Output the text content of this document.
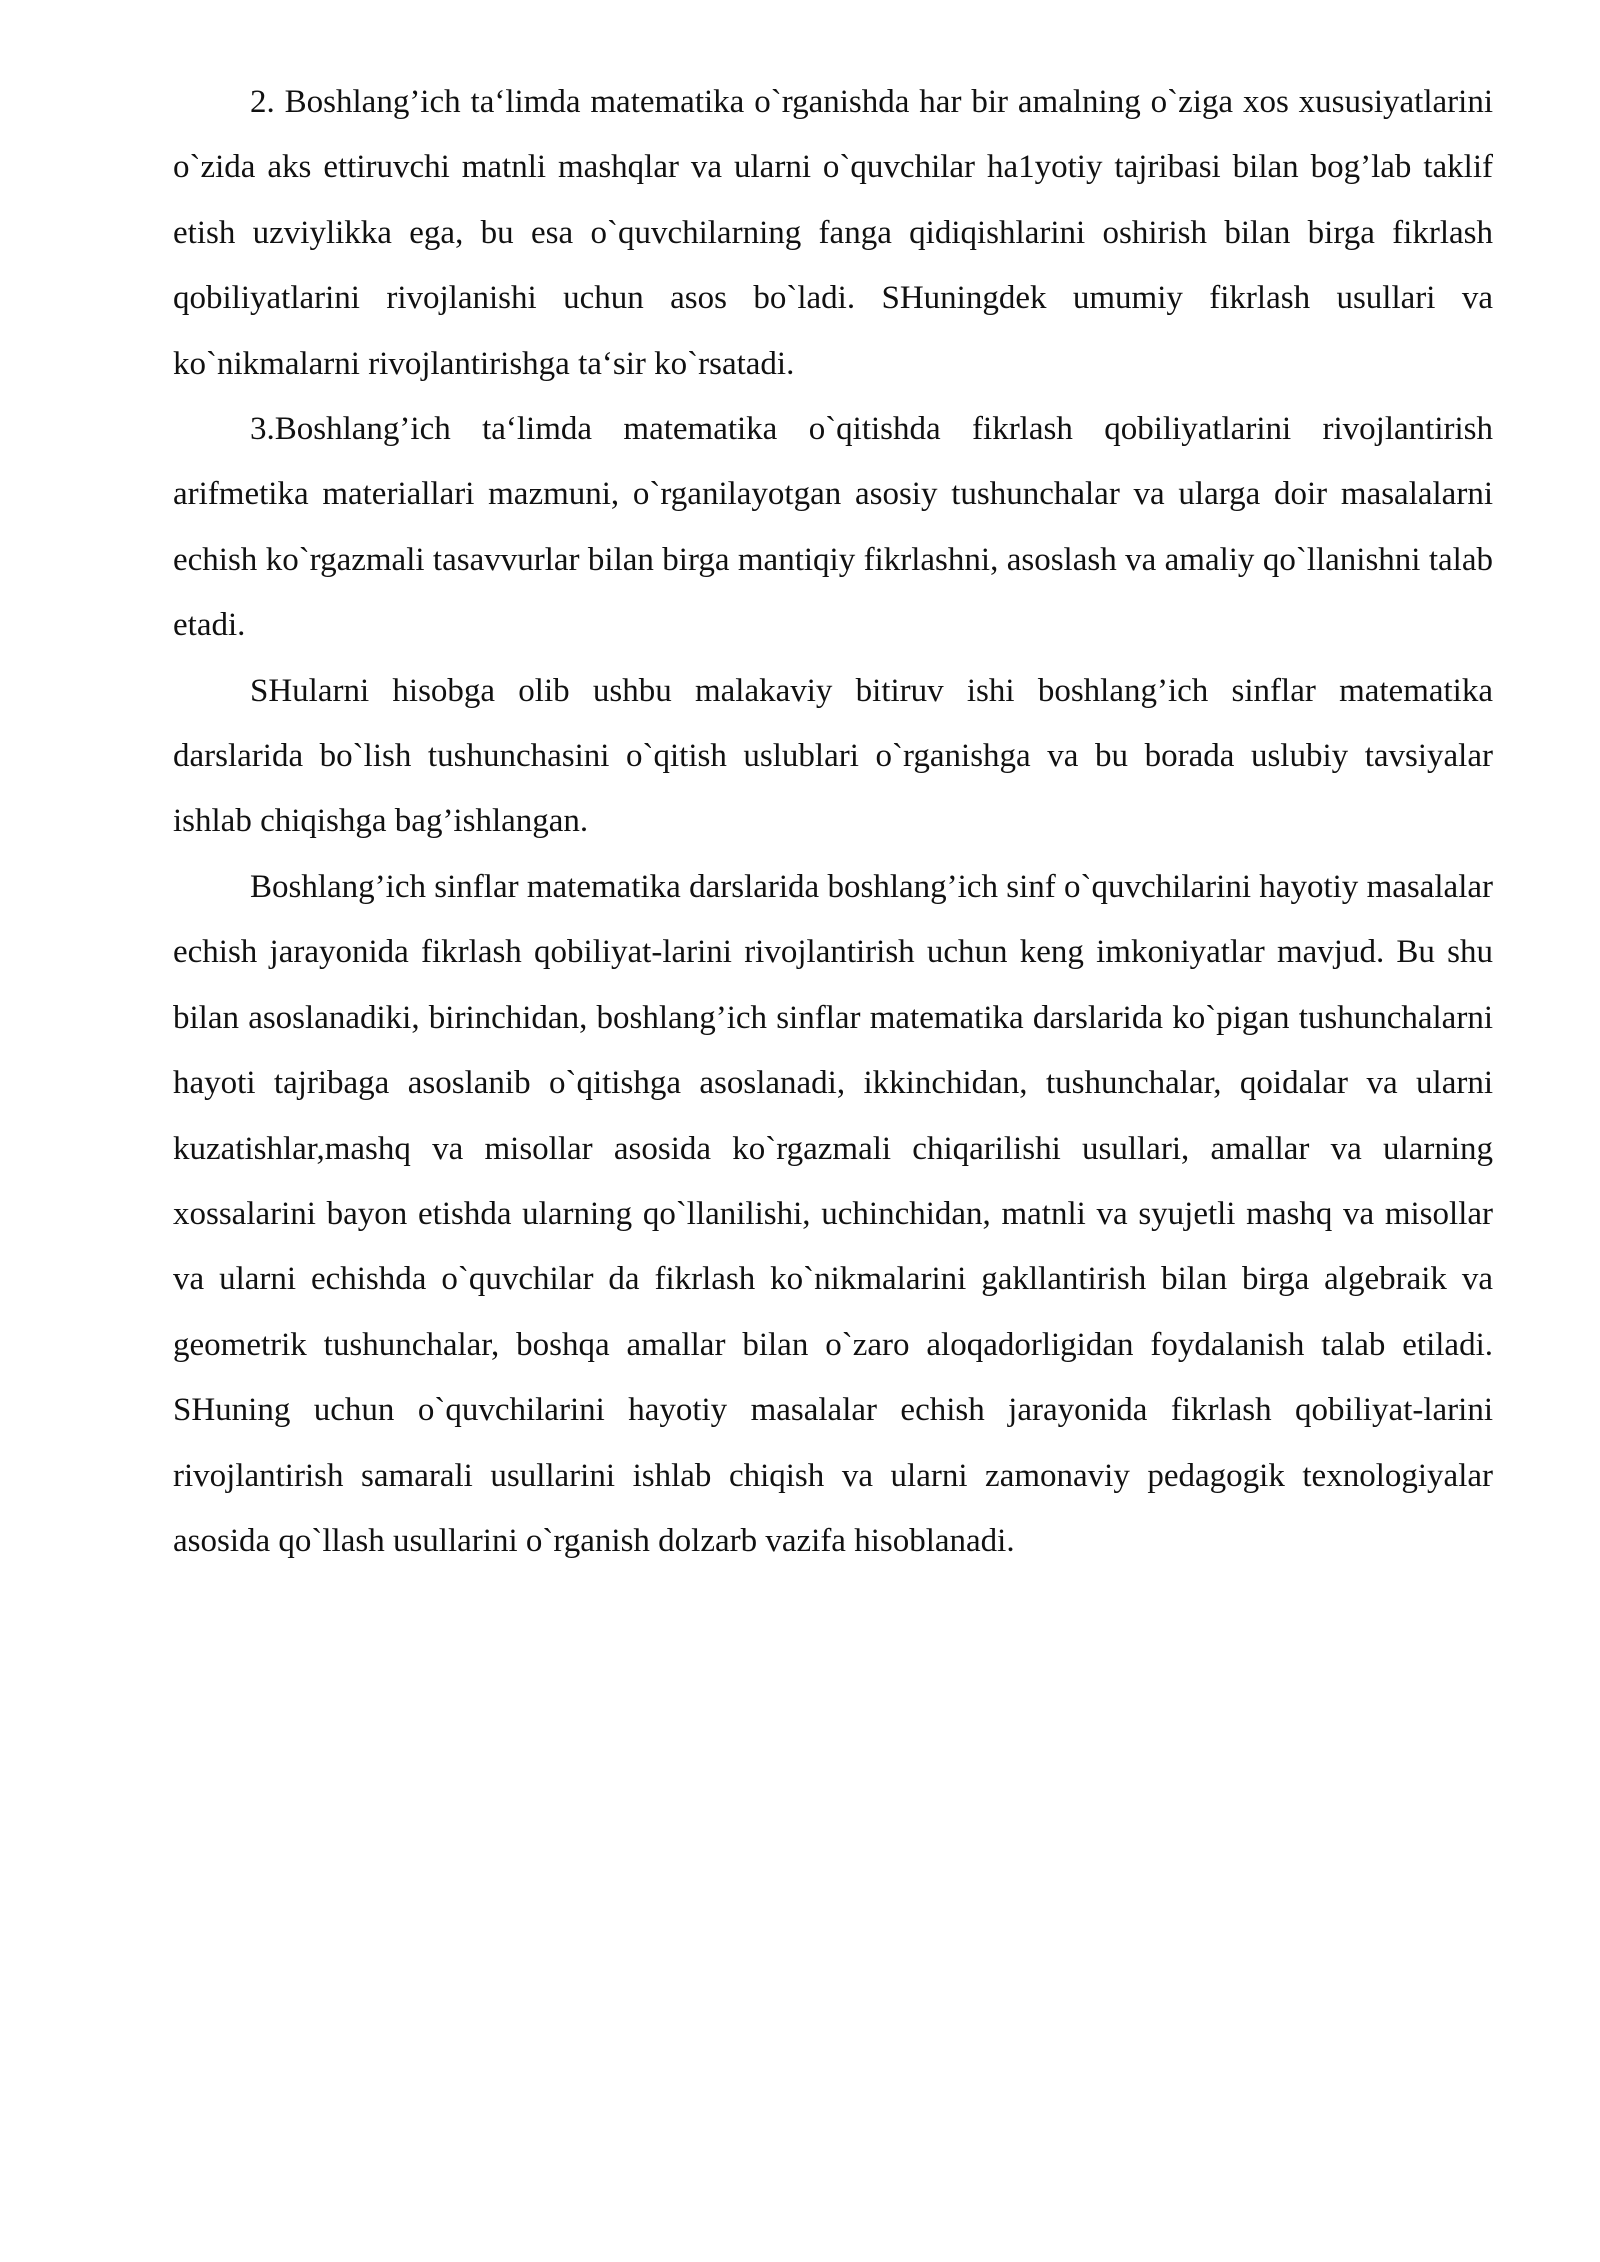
2. Boshlang’ich ta‘limda matematika o`rganishda har bir amalning o`ziga xos xususiyatlarini o`zida aks ettiruvchi matnli mashqlar va ularni o`quvchilar ha1yotiy tajribasi bilan bog’lab taklif etish uzviylikka ega, bu esa o`quvchilarning fanga qidiqishlarini oshirish bilan birga fikrlash qobiliyatlarini rivojlanishi uchun asos bo`ladi. SHuningdek umumiy fikrlash usullari va ko`nikmalarni rivojlantirishga ta‘sir ko`rsatadi.

3.Boshlang’ich ta‘limda matematika o`qitishda fikrlash qobiliyatlarini rivojlantirish arifmetika materiallari mazmuni, o`rganilayotgan asosiy tushunchalar va ularga doir masalalarni echish ko`rgazmali tasavvurlar bilan birga mantiqiy fikrlashni, asoslash va amaliy qo`llanishni talab etadi.

SHularni hisobga olib ushbu malakaviy bitiruv ishi boshlang’ich sinflar matematika darslarida bo`lish tushunchasini o`qitish uslublari o`rganishga va bu borada uslubiy tavsiyalar ishlab chiqishga bag’ishlangan.

Boshlang’ich sinflar matematika darslarida boshlang’ich sinf o`quvchilarini hayotiy masalalar echish jarayonida fikrlash qobiliyat-larini rivojlantirish uchun keng imkoniyatlar mavjud. Bu shu bilan asoslanadiki, birinchidan, boshlang’ich sinflar matematika darslarida ko`pigan tushunchalarni hayoti tajribaga asoslanib o`qitishga asoslanadi, ikkinchidan, tushunchalar, qoidalar va ularni kuzatishlar,mashq va misollar asosida ko`rgazmali chiqarilishi usullari, amallar va ularning xossalarini bayon etishda ularning qo`llanilishi, uchinchidan, matnli va syujetli mashq va misollar va ularni echishda o`quvchilar da fikrlash ko`nikmalarini gakllantirish bilan birga algebraik va geometrik tushunchalar, boshqa amallar bilan o`zaro aloqadorligidan foydalanish talab etiladi. SHuning uchun o`quvchilarini hayotiy masalalar echish jarayonida fikrlash qobiliyat-larini rivojlantirish samarali usullarini ishlab chiqish va ularni zamonaviy pedagogik texnologiyalar asosida qo`llash usullarini o`rganish dolzarb vazifa hisoblanadi.
